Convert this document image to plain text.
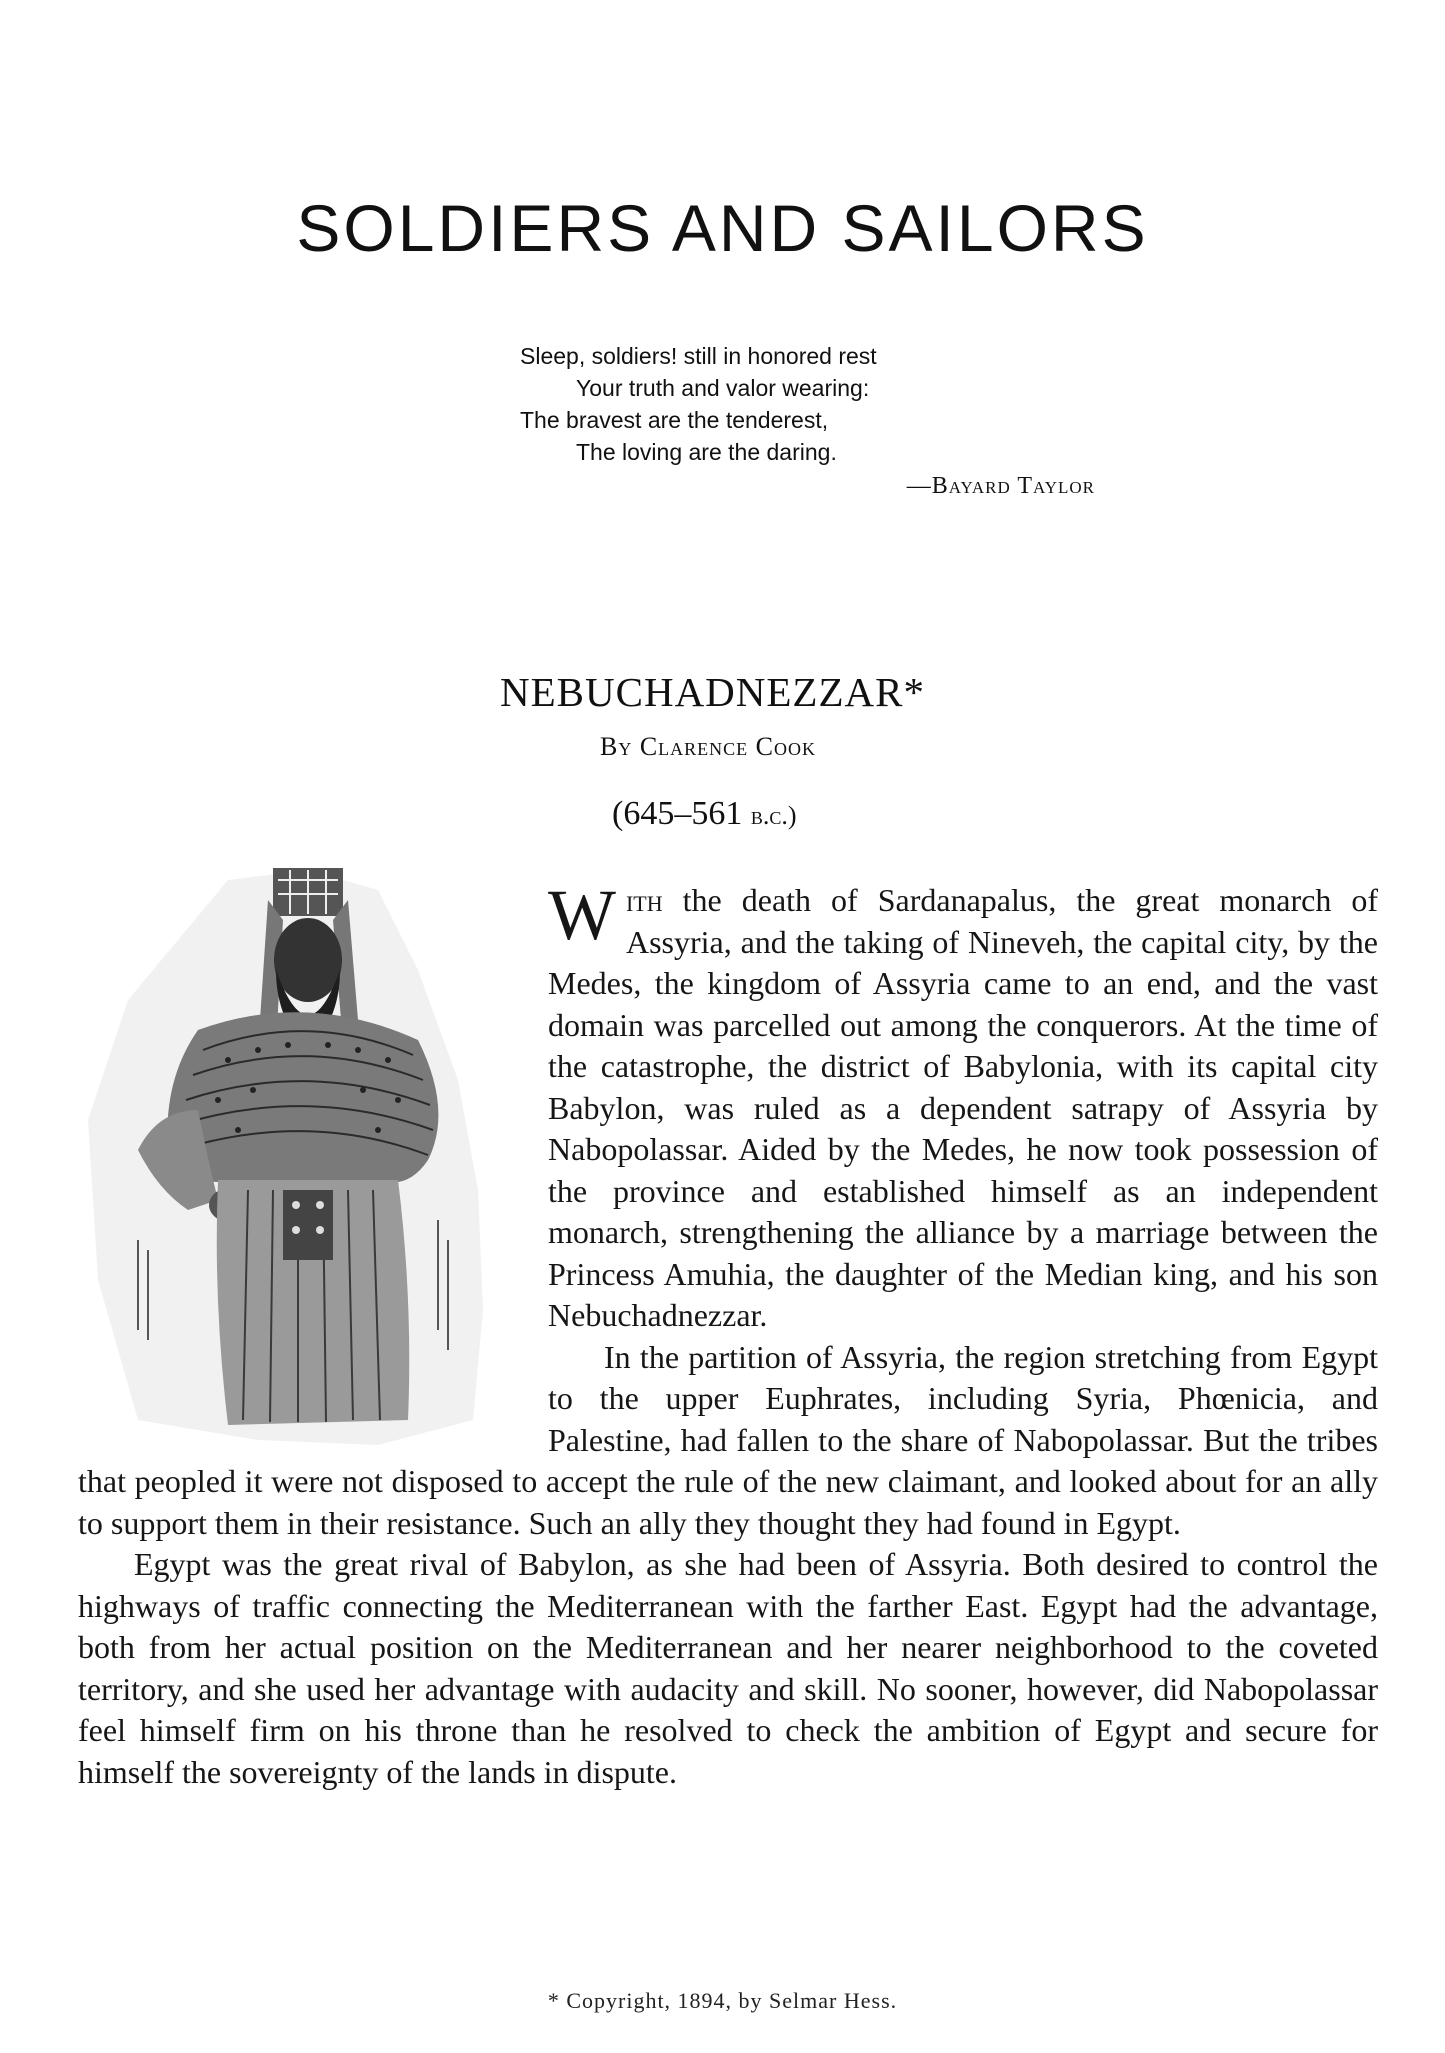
SOLDIERS AND SAILORS
Sleep, soldiers! still in honored rest
Your truth and valor wearing:
The bravest are the tenderest,
The loving are the daring.
—Bayard Taylor
NEBUCHADNEZZAR*
By Clarence Cook
(645–561 b.c.)

With the death of Sardanapalus, the great monarch of Assyria, and the taking of Nineveh, the capital city, by the Medes, the kingdom of Assyria came to an end, and the vast domain was parcelled out among the conquerors. At the time of the catastrophe, the district of Babylonia, with its capital city Babylon, was ruled as a dependent satrapy of Assyria by Nabopolassar. Aided by the Medes, he now took possession of the province and established himself as an independent monarch, strengthening the alliance by a marriage between the Princess Amuhia, the daughter of the Median king, and his son Nebuchadnezzar.

In the partition of Assyria, the region stretching from Egypt to the upper Euphrates, including Syria, Phœnicia, and Palestine, had fallen to the share of Nabopolassar. But the tribes that peopled it were not disposed to accept the rule of the new claimant, and looked about for an ally to support them in their resistance. Such an ally they thought they had found in Egypt.

Egypt was the great rival of Babylon, as she had been of Assyria. Both desired to control the highways of traffic connecting the Mediterranean with the farther East. Egypt had the advantage, both from her actual position on the Mediterranean and her nearer neighborhood to the coveted territory, and she used her advantage with audacity and skill. No sooner, however, did Nabopolassar feel himself firm on his throne than he resolved to check the ambition of Egypt and secure for himself the sovereignty of the lands in dispute.

* Copyright, 1894, by Selmar Hess.
